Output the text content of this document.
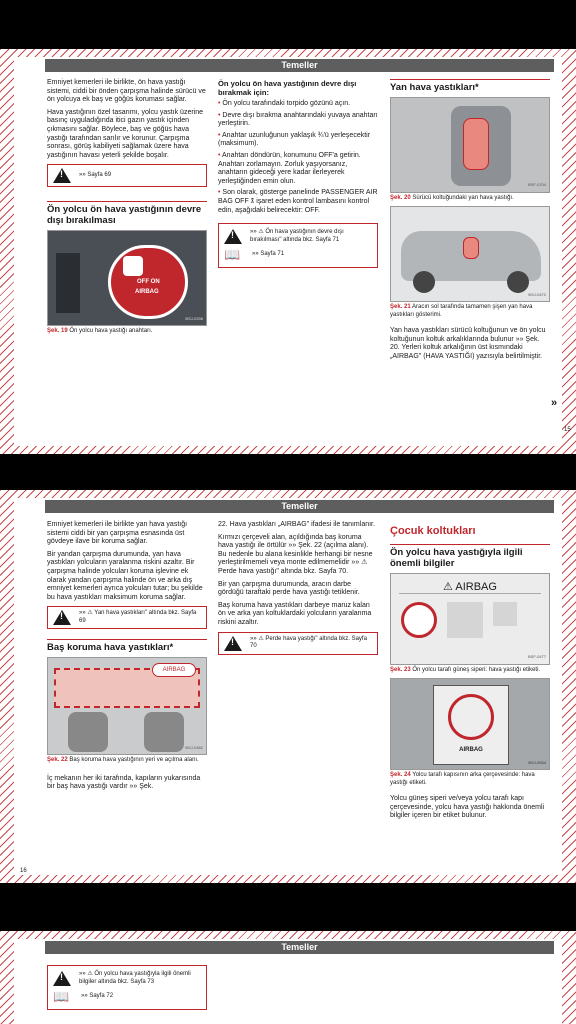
Temeller

Emniyet kemerleri ile birlikte, ön hava yastığı sistemi, ciddi bir önden çarpışma halinde sürücü ve ön yolcuya ek baş ve göğüs koruması sağlar.

Hava yastığının özel tasarımı, yolcu yastık üzerine basınç uyguladığında itici gazın yastık içinden çıkmasını sağlar. Böylece, baş ve göğüs hava yastığı tarafından sarılır ve korunur. Çarpışma sonrası, görüş kabiliyeti sağlamak üzere hava yastığının havası yeterli şekilde boşalır.

!
»» Sayfa 69
Ön yolcu ön hava yastığının devre dışı bırakılması
OFF ON
AIRBAG
BSJ-0336
Şek. 19 Ön yolcu hava yastığı anahtarı.
Ön yolcu ön hava yastığının devre dışı bırakmak için:
• Ön yolcu tarafındaki torpido gözünü açın.
• Devre dışı bırakma anahtarındaki yuvaya anahtarı yerleştirin.
• Anahtar uzunluğunun yaklaşık ¾'ü yerleşecektir (maksimum).
• Anahtarı döndürün, konumunu OFF'a getirin. Anahtarı zorlamayın. Zorluk yaşıyorsanız, anahtarın gideceği yere kadar ilerleyerek yerleştiğinden emin olun.
• Son olarak, gösterge panelinde PASSENGER AIR BAG OFF 🕱 işaret eden kontrol lambasını kontrol edin, aşağıdaki belirecektir: OFF.
!
»» ⚠ Ön hava yastığının devre dışı bırakılması" altında bkz. Sayfa 71
📖	»» Sayfa 71
Yan hava yastıkları*
BSF-0704
Şek. 20 Sürücü koltuğundaki yan hava yastığı.
BSJ-0472
Şek. 21 Aracın sol tarafında tamamen şişen yan hava yastıkları gösterimi.

Yan hava yastıkları sürücü koltuğunun ve ön yolcu koltuğunun koltuk arkalıklarında bulunur »» Şek. 20. Yerleri koltuk arkalığının üst kısmındaki „AIRBAG" (HAVA YASTIĞI) yazısıyla belirtilmiştir.

»
15
Temeller

Emniyet kemerleri ile birlikte yan hava yastığı sistemi ciddi bir yan çarpışma esnasında üst gövdeye ilave bir koruma sağlar.

Bir yandan çarpışma durumunda, yan hava yastıkları yolcuların yaralanma riskini azaltır. Bir çarpışma halinde yolcuları koruma işlevine ek olarak yandan çarpışma halinde ön ve arka dış emniyet kemerleri ayrıca yolcuları tutar; bu şekilde bu hava yastıkları maksimum koruma sağlar.

!
»» ⚠ Yan hava yastıkları" altında bkz. Sayfa 69
Baş koruma hava yastıkları*
AIRBAG
BSJ-0482
Şek. 22 Baş koruma hava yastığının yeri ve açılma alanı.

İç mekanın her iki tarafında, kapıların yukarısında bir baş hava yastığı vardır »» Şek.

16

22. Hava yastıkları „AIRBAG" ifadesi ile tanımlanır.

Kırmızı çerçeveli alan, açıldığında baş koruma hava yastığı ile örtülür »» Şek. 22 (açılma alanı). Bu nedenle bu alana kesinlikle herhangi bir nesne yerleştirilmemeli veya monte edilmemelidir »» ⚠ Perde hava yastığı" altında bkz. Sayfa 70.

Bir yan çarpışma durumunda, aracın darbe gördüğü taraftaki perde hava yastığı tetiklenir.

Baş koruma hava yastıkları darbeye maruz kalan ön ve arka yan koltuklardaki yolcuların yaralanma riskini azaltır.

!
»» ⚠ Perde hava yastığı" altında bkz. Sayfa 70
Çocuk koltukları
Ön yolcu hava yastığıyla ilgili önemli bilgiler
⚠ AIRBAG
BSF-0477
Şek. 23 Ön yolcu tarafı güneş siperi: hava yastığı etiketi.
AIRBAG
BSJ-0534
Şek. 24 Yolcu tarafı kapısının arka çerçevesinde: hava yastığı etiketi.

Yolcu güneş siperi ve/veya yolcu tarafı kapı çerçevesinde, yolcu hava yastığı hakkında önemli bilgiler içeren bir etiket bulunur.

Temeller
!
»» ⚠ Ön yolcu hava yastığıyla ilgili önemli bilgiler altında bkz. Sayfa 73
📖	»» Sayfa 72
